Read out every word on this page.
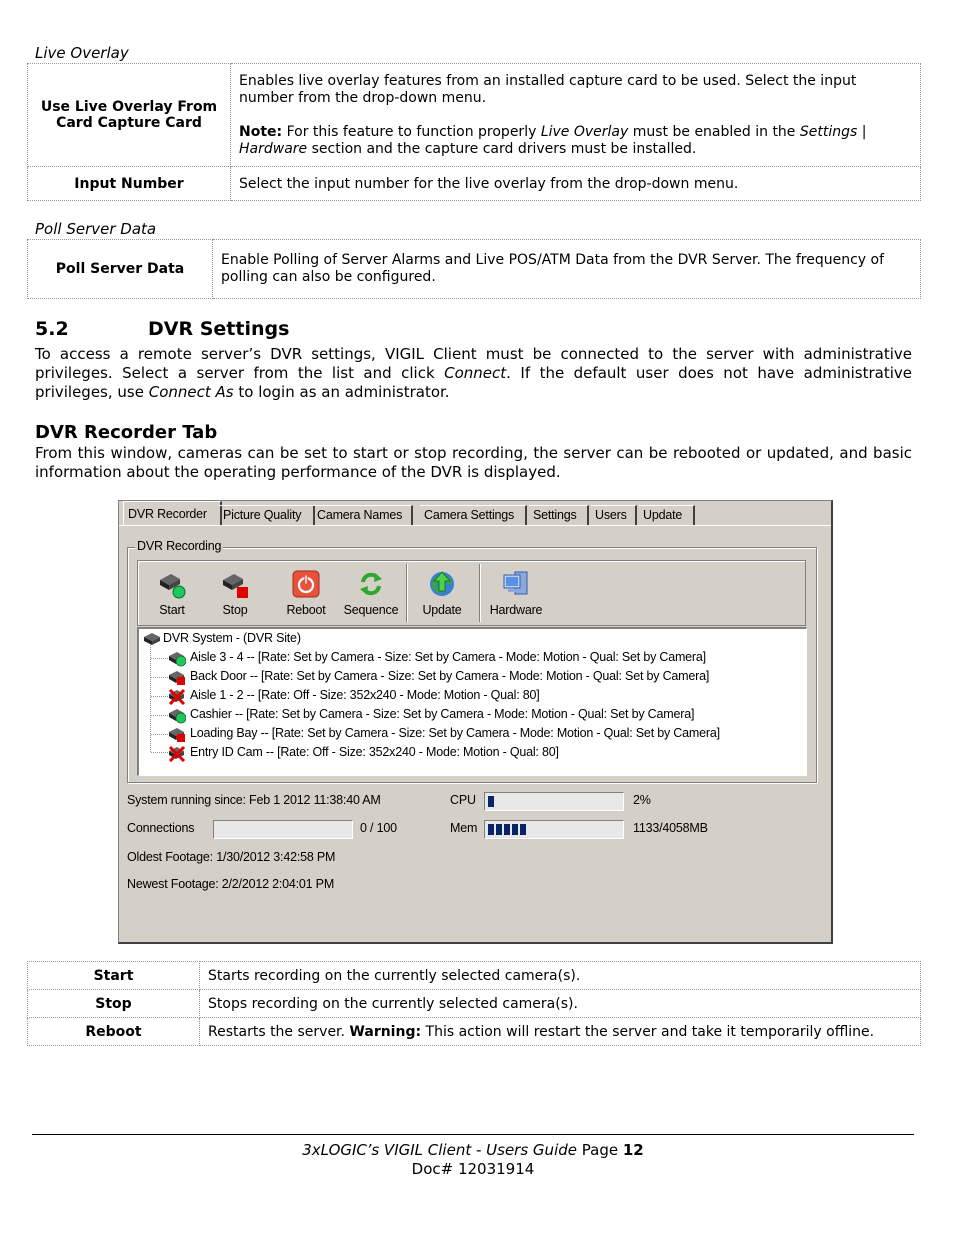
Live Overlay
Use Live Overlay From Card Capture Card	Enables live overlay features from an installed capture card to be used. Select the input number from the drop-down menu.
Note: For this feature to function properly Live Overlay must be enabled in the Settings | Hardware section and the capture card drivers must be installed.

Input Number	Select the input number for the live overlay from the drop-down menu.
Poll Server Data
Poll Server Data	Enable Polling of Server Alarms and Live POS/ATM Data from the DVR Server. The frequency of polling can also be configured.
5.2	DVR Settings
To access a remote server’s DVR settings, VIGIL Client must be connected to the server with administrative privileges. Select a server from the list and click Connect. If the default user does not have administrative privileges, use Connect As to login as an administrator.
DVR Recorder Tab
From this window, cameras can be set to start or stop recording, the server can be rebooted or updated, and basic information about the operating performance of the DVR is displayed.
DVR Recorder	Picture Quality	Camera Names	Camera Settings	Settings	Users	Update
DVR Recording
Start	Stop	Reboot	Sequence	Update	Hardware
DVR System - (DVR Site)
Aisle 3 - 4 -- [Rate: Set by Camera - Size: Set by Camera - Mode: Motion - Qual: Set by Camera]
Back Door -- [Rate: Set by Camera - Size: Set by Camera - Mode: Motion - Qual: Set by Camera]
Aisle 1 - 2 -- [Rate: Off - Size: 352x240 - Mode: Motion - Qual: 80]
Cashier -- [Rate: Set by Camera - Size: Set by Camera - Mode: Motion - Qual: Set by Camera]
Loading Bay -- [Rate: Set by Camera - Size: Set by Camera - Mode: Motion - Qual: Set by Camera]
Entry ID Cam -- [Rate: Off - Size: 352x240 - Mode: Motion - Qual: 80]
System running since: Feb 1 2012 11:38:40 AM	CPU	2%
Connections	0 / 100	Mem	1133/4058MB
Oldest Footage: 1/30/2012 3:42:58 PM
Newest Footage: 2/2/2012 2:04:01 PM
Start	Starts recording on the currently selected camera(s).
Stop	Stops recording on the currently selected camera(s).
Reboot	Restarts the server. Warning: This action will restart the server and take it temporarily offline.
3xLOGIC’s VIGIL Client - Users Guide Page 12
Doc# 12031914
